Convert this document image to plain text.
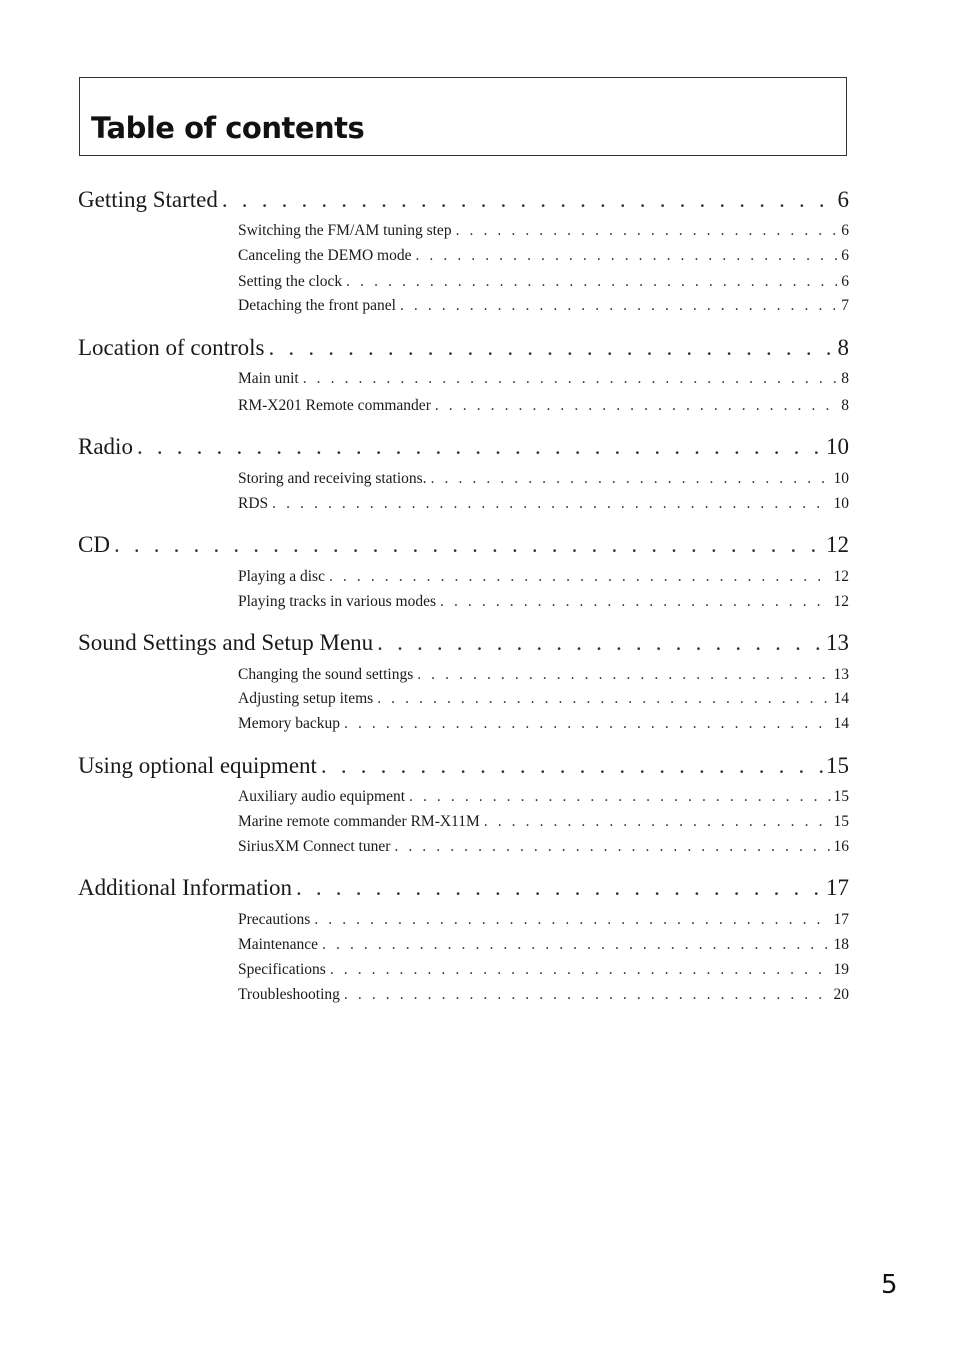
Table of contents
Getting Started . . .	6
Switching the FM/AM tuning step . . .	6
Canceling the DEMO mode . . .	6
Setting the clock . . .	6
Detaching the front panel . . .	7
Location of controls . . .	8
Main unit . . .	8
RM-X201 Remote commander . . .	8
Radio . . .	10
Storing and receiving stations. . . .	10
RDS . . .	10
CD . . .	12
Playing a disc . . .	12
Playing tracks in various modes . . .	12
Sound Settings and Setup Menu . . .	13
Changing the sound settings . . .	13
Adjusting setup items . . .	14
Memory backup . . .	14
Using optional equipment . . .	15
Auxiliary audio equipment . . .	15
Marine remote commander RM-X11M . . .	15
SiriusXM Connect tuner . . .	16
Additional Information . . .	17
Precautions . . .	17
Maintenance . . .	18
Specifications . . .	19
Troubleshooting . . .	20
5
